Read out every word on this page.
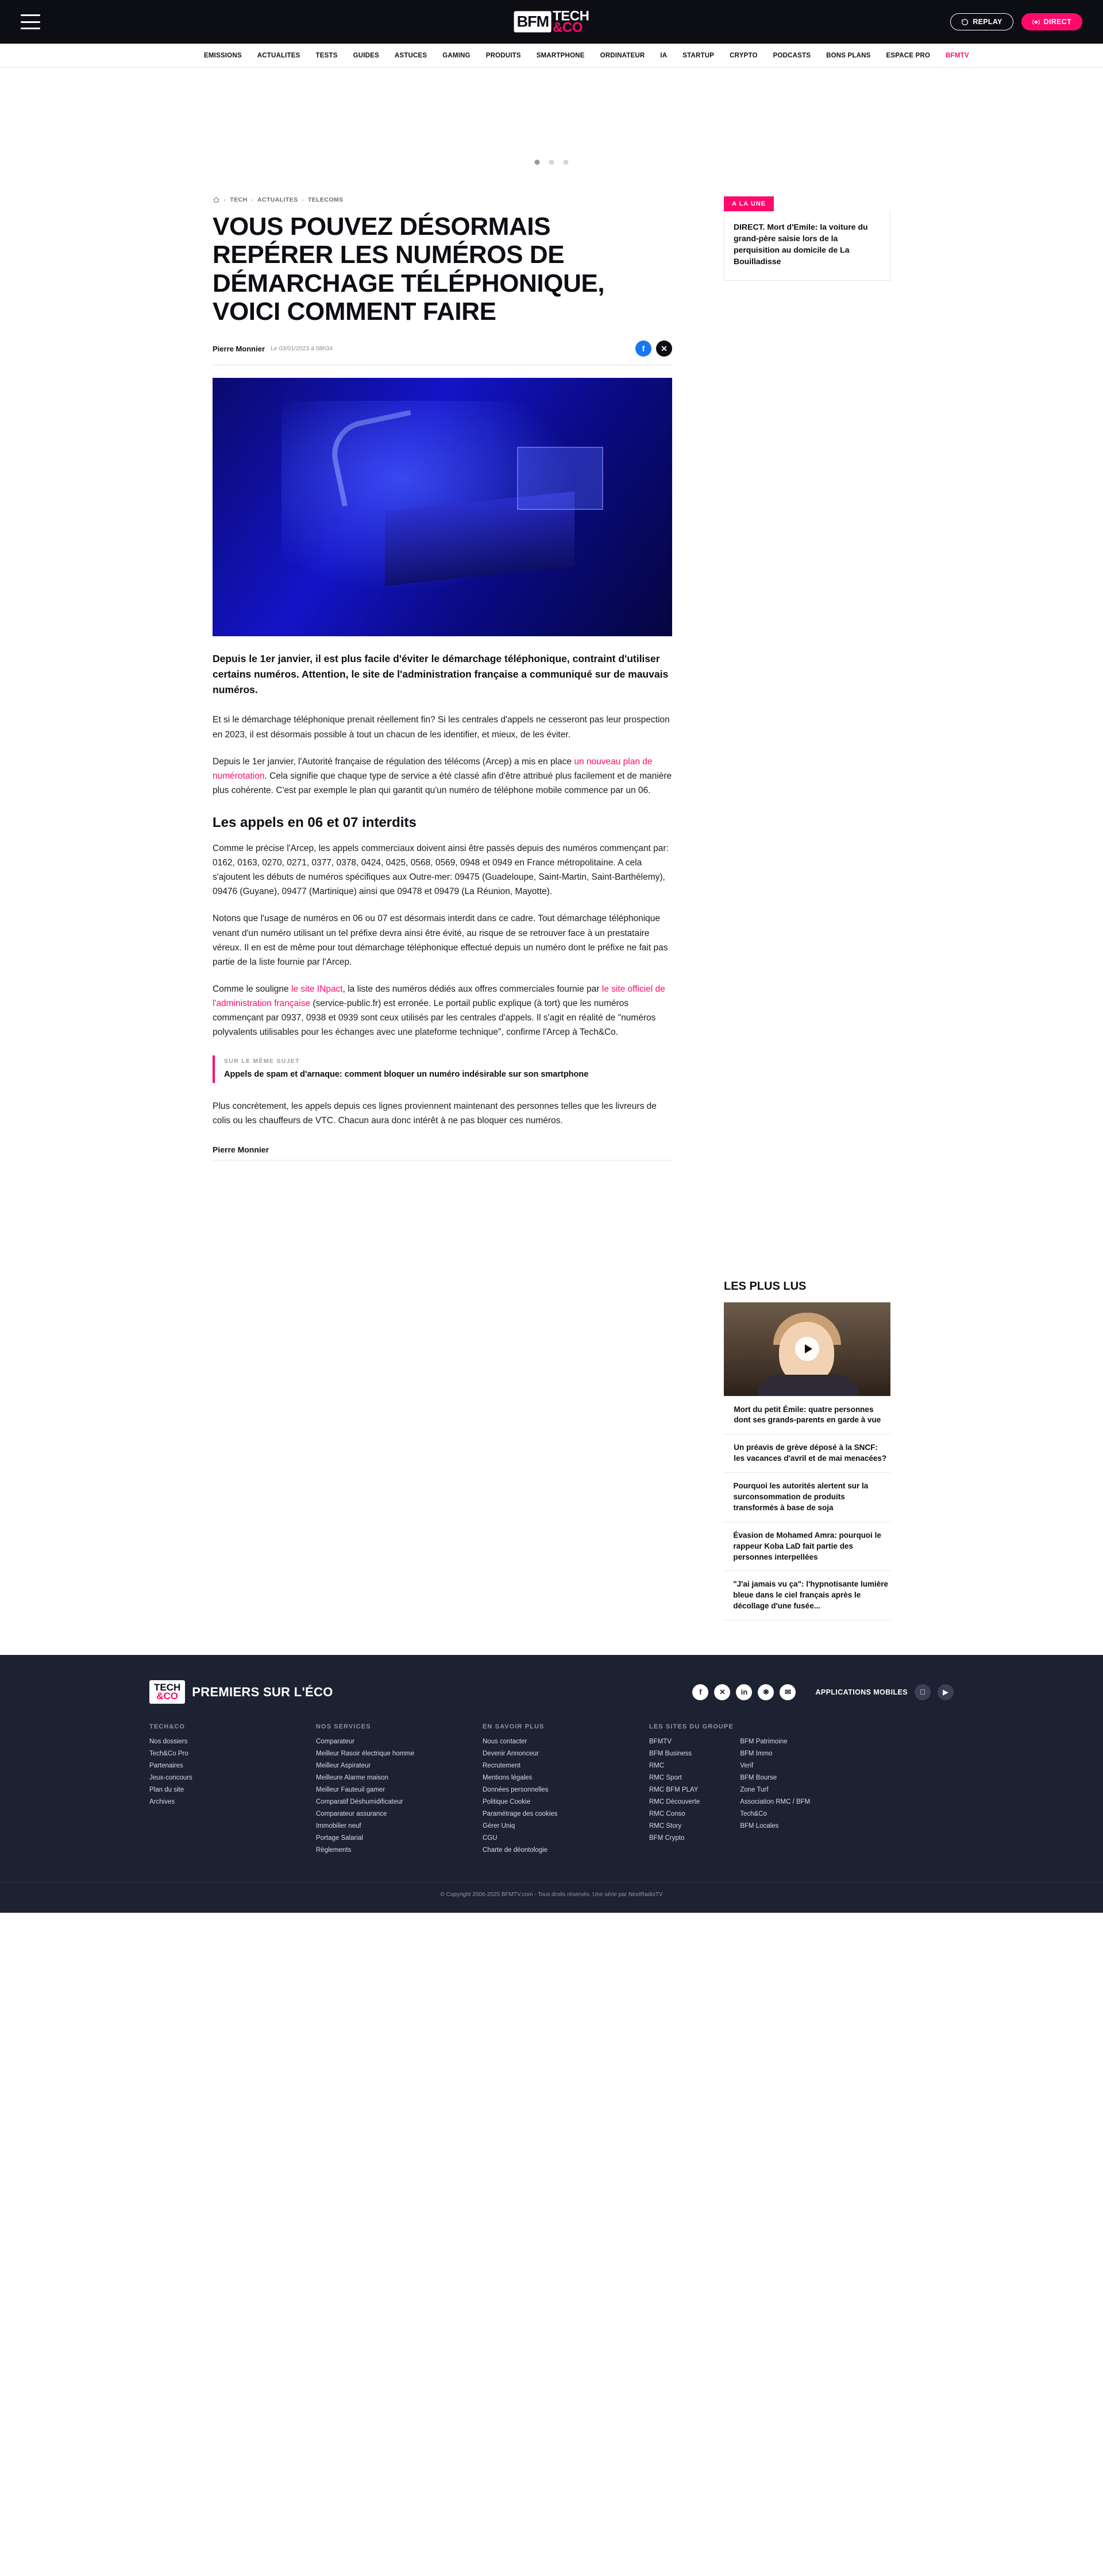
BFM TECH
&CO	REPLAY	DIRECT
EMISSIONS ACTUALITES TESTS GUIDES ASTUCES GAMING PRODUITS SMARTPHONE ORDINATEUR IA STARTUP CRYPTO PODCASTS BONS PLANS ESPACE PRO BFMTV
› TECH › ACTUALITES › TELECOMS
VOUS POUVEZ DÉSORMAIS REPÉRER LES NUMÉROS DE DÉMARCHAGE TÉLÉPHONIQUE, VOICI COMMENT FAIRE
Pierre Monnier Le 03/01/2023 à 08h34	f	✕
Depuis le 1er janvier, il est plus facile d'éviter le démarchage téléphonique, contraint d'utiliser certains numéros. Attention, le site de l'administration française a communiqué sur de mauvais numéros.

Et si le démarchage téléphonique prenait réellement fin? Si les centrales d'appels ne cesseront pas leur prospection en 2023, il est désormais possible à tout un chacun de les identifier, et mieux, de les éviter.

Depuis le 1er janvier, l'Autorité française de régulation des télécoms (Arcep) a mis en place un nouveau plan de numérotation. Cela signifie que chaque type de service a été classé afin d'être attribué plus facilement et de manière plus cohérente. C'est par exemple le plan qui garantit qu'un numéro de téléphone mobile commence par un 06.

Les appels en 06 et 07 interdits

Comme le précise l'Arcep, les appels commerciaux doivent ainsi être passés depuis des numéros commençant par: 0162, 0163, 0270, 0271, 0377, 0378, 0424, 0425, 0568, 0569, 0948 et 0949 en France métropolitaine. A cela s'ajoutent les débuts de numéros spécifiques aux Outre-mer: 09475 (Guadeloupe, Saint-Martin, Saint-Barthélemy), 09476 (Guyane), 09477 (Martinique) ainsi que 09478 et 09479 (La Réunion, Mayotte).

Notons que l'usage de numéros en 06 ou 07 est désormais interdit dans ce cadre. Tout démarchage téléphonique venant d'un numéro utilisant un tel préfixe devra ainsi être évité, au risque de se retrouver face à un prestataire véreux. Il en est de même pour tout démarchage téléphonique effectué depuis un numéro dont le préfixe ne fait pas partie de la liste fournie par l'Arcep.

Comme le souligne le site INpact, la liste des numéros dédiés aux offres commerciales fournie par le site officiel de l'administration française (service-public.fr) est erronée. Le portail public explique (à tort) que les numéros commençant par 0937, 0938 et 0939 sont ceux utilisés par les centrales d'appels. Il s'agit en réalité de "numéros polyvalents utilisables pour les échanges avec une plateforme technique", confirme l'Arcep à Tech&Co.

SUR LE MÊME SUJET
Appels de spam et d'arnaque: comment bloquer un numéro indésirable sur son smartphone

Plus concrètement, les appels depuis ces lignes proviennent maintenant des personnes telles que les livreurs de colis ou les chauffeurs de VTC. Chacun aura donc intérêt à ne pas bloquer ces numéros.

Pierre Monnier
A LA UNE
DIRECT. Mort d'Emile: la voiture du grand-père saisie lors de la perquisition au domicile de La Bouilladisse
LES PLUS LUS
Mort du petit Émile: quatre personnes dont ses grands-parents en garde à vue
Un préavis de grève déposé à la SNCF: les vacances d'avril et de mai menacées?
Pourquoi les autorités alertent sur la surconsommation de produits transformés à base de soja
Évasion de Mohamed Amra: pourquoi le rappeur Koba LaD fait partie des personnes interpellées
"J'ai jamais vu ça": l'hypnotisante lumière bleue dans le ciel français après le décollage d'une fusée...
TECH
&CO PREMIERS SUR L'ÉCO	f	✕	in	❋	✉	APPLICATIONS MOBILES	▶
TECH&CO
Nos dossiers
Tech&Co Pro
Partenaires
Jeux-concours
Plan du site
Archives
NOS SERVICES
Comparateur
Meilleur Rasoir électrique homme
Meilleur Aspirateur
Meilleure Alarme maison
Meilleur Fauteuil gamer
Comparatif Déshumidificateur
Comparateur assurance
Immobilier neuf
Portage Salarial
Règlements
EN SAVOIR PLUS
Nous contacter
Devenir Annonceur
Recrutement
Mentions légales
Données personnelles
Politique Cookie
Paramétrage des cookies
Gérer Uniq
CGU
Charte de déontologie
LES SITES DU GROUPE
BFMTV
BFM Business
RMC
RMC Sport
RMC BFM PLAY
RMC Découverte
RMC Conso
RMC Story
BFM Crypto
BFM Patrimoine
BFM Immo
Verif
BFM Bourse
Zone Turf
Association RMC / BFM
Tech&Co
BFM Locales
© Copyright 2006-2025 BFMTV.com - Tous droits réservés. Une série par NextRadioTV
